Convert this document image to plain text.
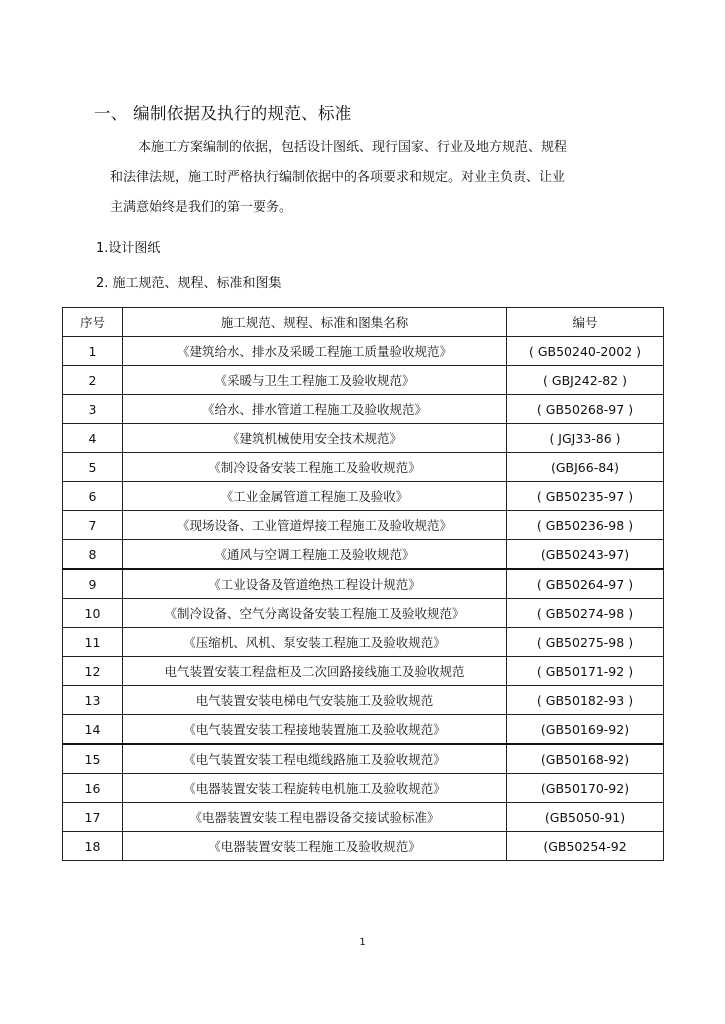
一、 编制依据及执行的规范、标准

本施工方案编制的依据，包括设计图纸、现行国家、行业及地方规范、规程

和法律法规，施工时严格执行编制依据中的各项要求和规定。对业主负责、让业

主满意始终是我们的第一要务。

1.设计图纸

2. 施工规范、规程、标准和图集

序号	施工规范、规程、标准和图集名称	编号
1	《建筑给水、排水及采暖工程施工质量验收规范》	( GB50240-2002 )
2	《采暖与卫生工程施工及验收规范》	( GBJ242-82 )
3	《给水、排水管道工程施工及验收规范》	( GB50268-97 )
4	《建筑机械使用安全技术规范》	( JGJ33-86 )
5	《制冷设备安装工程施工及验收规范》	(GBJ66-84)
6	《工业金属管道工程施工及验收》	( GB50235-97 )
7	《现场设备、工业管道焊接工程施工及验收规范》	( GB50236-98 )
8	《通风与空调工程施工及验收规范》	(GB50243-97)
9	《工业设备及管道绝热工程设计规范》	( GB50264-97 )
10	《制冷设备、空气分离设备安装工程施工及验收规范》	( GB50274-98 )
11	《压缩机、风机、泵安装工程施工及验收规范》	( GB50275-98 )
12	电气装置安装工程盘柜及二次回路接线施工及验收规范	( GB50171-92 )
13	电气装置安装电梯电气安装施工及验收规范	( GB50182-93 )
14	《电气装置安装工程接地装置施工及验收规范》	(GB50169-92)
15	《电气装置安装工程电缆线路施工及验收规范》	(GB50168-92)
16	《电器装置安装工程旋转电机施工及验收规范》	(GB50170-92)
17	《电器装置安装工程电器设备交接试验标准》	(GB5050-91)
18	《电器装置安装工程施工及验收规范》	(GB50254-92
1
